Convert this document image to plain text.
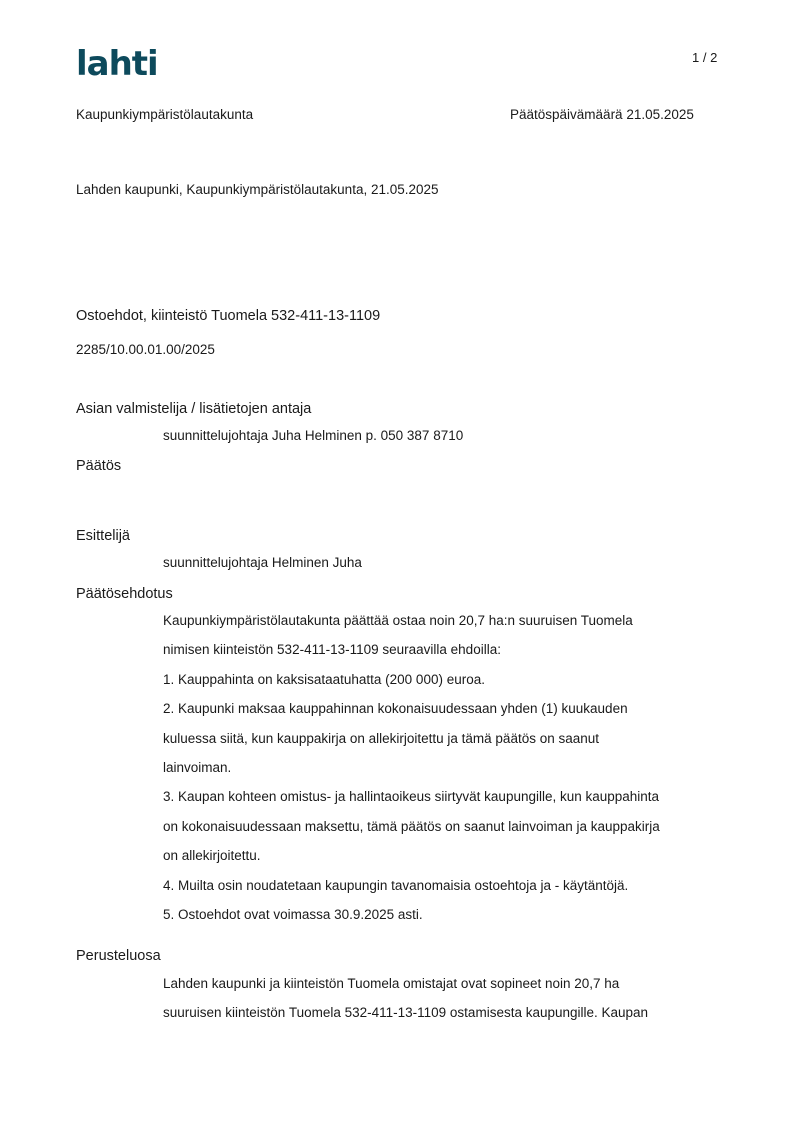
lahti	1 / 2
Kaupunkiympäristölautakunta	Päätöspäivämäärä 21.05.2025
Lahden kaupunki, Kaupunkiympäristölautakunta, 21.05.2025
Ostoehdot, kiinteistö Tuomela 532-411-13-1109
2285/10.00.01.00/2025
Asian valmistelija / lisätietojen antaja
suunnittelujohtaja Juha Helminen p. 050 387 8710
Päätös
Esittelijä
suunnittelujohtaja Helminen Juha
Päätösehdotus
Kaupunkiympäristölautakunta päättää ostaa noin 20,7 ha:n suuruisen Tuomela
nimisen kiinteistön 532-411-13-1109 seuraavilla ehdoilla:
1. Kauppahinta on kaksisataatuhatta (200 000) euroa.
2. Kaupunki maksaa kauppahinnan kokonaisuudessaan yhden (1) kuukauden
kuluessa siitä, kun kauppakirja on allekirjoitettu ja tämä päätös on saanut
lainvoiman.
3. Kaupan kohteen omistus- ja hallintaoikeus siirtyvät kaupungille, kun kauppahinta
on kokonaisuudessaan maksettu, tämä päätös on saanut lainvoiman ja kauppakirja
on allekirjoitettu.
4. Muilta osin noudatetaan kaupungin tavanomaisia ostoehtoja ja - käytäntöjä.
5. Ostoehdot ovat voimassa 30.9.2025 asti.
Perusteluosa
Lahden kaupunki ja kiinteistön Tuomela omistajat ovat sopineet noin 20,7 ha
suuruisen kiinteistön Tuomela 532-411-13-1109 ostamisesta kaupungille. Kaupan
